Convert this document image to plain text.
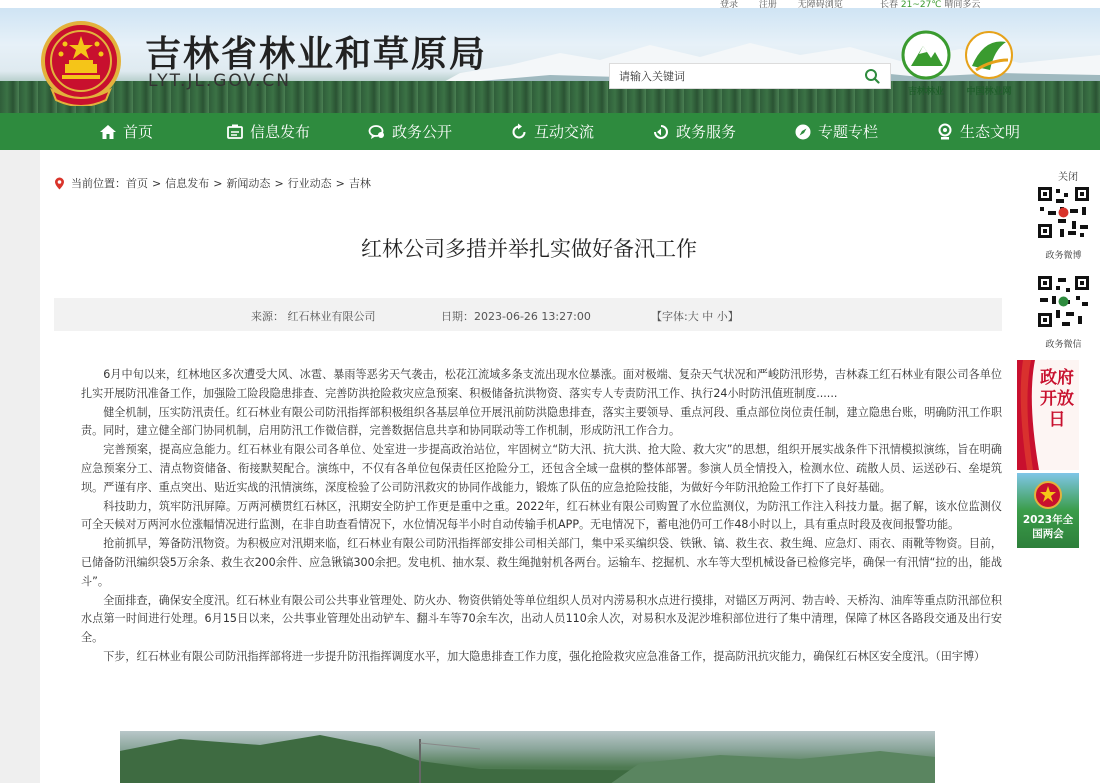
登录 注册 无障碍浏览	长春 21~27℃ 晴间多云
吉林省林业和草原局
LYT.JL.GOV.CN
请输入关键词
吉林林业	中国林业网
首页	信息发布	政务公开	互动交流	政务服务	专题专栏	生态文明
当前位置： 首页 > 信息发布 > 新闻动态 > 行业动态 > 吉林
红林公司多措并举扎实做好备汛工作
来源： 红石林业有限公司	日期：2023-06-26 13:27:00	【字体:大 中 小】

6月中旬以来，红林地区多次遭受大风、冰雹、暴雨等恶劣天气袭击，松花江流域多条支流出现水位暴涨。面对极端、复杂天气状况和严峻防汛形势，吉林森工红石林业有限公司各单位扎实开展防汛准备工作，加强险工险段隐患排查、完善防洪抢险救灾应急预案、积极储备抗洪物资、落实专人专责防汛工作、执行24小时防汛值班制度......

健全机制，压实防汛责任。红石林业有限公司防汛指挥部积极组织各基层单位开展汛前防洪隐患排查，落实主要领导、重点河段、重点部位岗位责任制，建立隐患台账，明确防汛工作职责。同时，建立健全部门协同机制，启用防汛工作微信群，完善数据信息共享和协同联动等工作机制，形成防汛工作合力。

完善预案，提高应急能力。红石林业有限公司各单位、处室进一步提高政治站位，牢固树立“防大汛、抗大洪、抢大险、救大灾”的思想，组织开展实战条件下汛情模拟演练，旨在明确应急预案分工、清点物资储备、衔接默契配合。演练中，不仅有各单位包保责任区抢险分工，还包含全域一盘棋的整体部署。参演人员全情投入，检测水位、疏散人员、运送砂石、垒堤筑坝。严谨有序、重点突出、贴近实战的汛情演练，深度检验了公司防汛救灾的协同作战能力，锻炼了队伍的应急抢险技能，为做好今年防汛抢险工作打下了良好基础。

科技助力，筑牢防汛屏障。万两河横贯红石林区，汛期安全防护工作更是重中之重。2022年，红石林业有限公司购置了水位监测仪，为防汛工作注入科技力量。据了解，该水位监测仪可全天候对万两河水位涨幅情况进行监测，在非自助查看情况下，水位情况每半小时自动传输手机APP。无电情况下，蓄电池仍可工作48小时以上，具有重点时段及夜间报警功能。

抢前抓早，筹备防汛物资。为积极应对汛期来临，红石林业有限公司防汛指挥部安排公司相关部门，集中采买编织袋、铁锹、镐、救生衣、救生绳、应急灯、雨衣、雨靴等物资。目前，已储备防汛编织袋5万余条、救生衣200余件、应急锹镐300余把。发电机、抽水泵、救生绳抛射机各两台。运输车、挖掘机、水车等大型机械设备已检修完毕，确保一有汛情“拉的出，能战斗”。

全面排查，确保安全度汛。红石林业有限公司公共事业管理处、防火办、物资供销处等单位组织人员对内涝易积水点进行摸排，对锚区万两河、勃吉岭、天桥沟、油库等重点防汛部位积水点第一时间进行处理。6月15日以来，公共事业管理处出动铲车、翻斗车等70余车次，出动人员110余人次，对易积水及泥沙堆积部位进行了集中清理，保障了林区各路段交通及出行安全。

下步，红石林业有限公司防汛指挥部将进一步提升防汛指挥调度水平，加大隐患排查工作力度，强化抢险救灾应急准备工作，提高防汛抗灾能力，确保红石林区安全度汛。（田宇博）

关闭
政务微博
政务微信
政府开放日
2023年全国两会
